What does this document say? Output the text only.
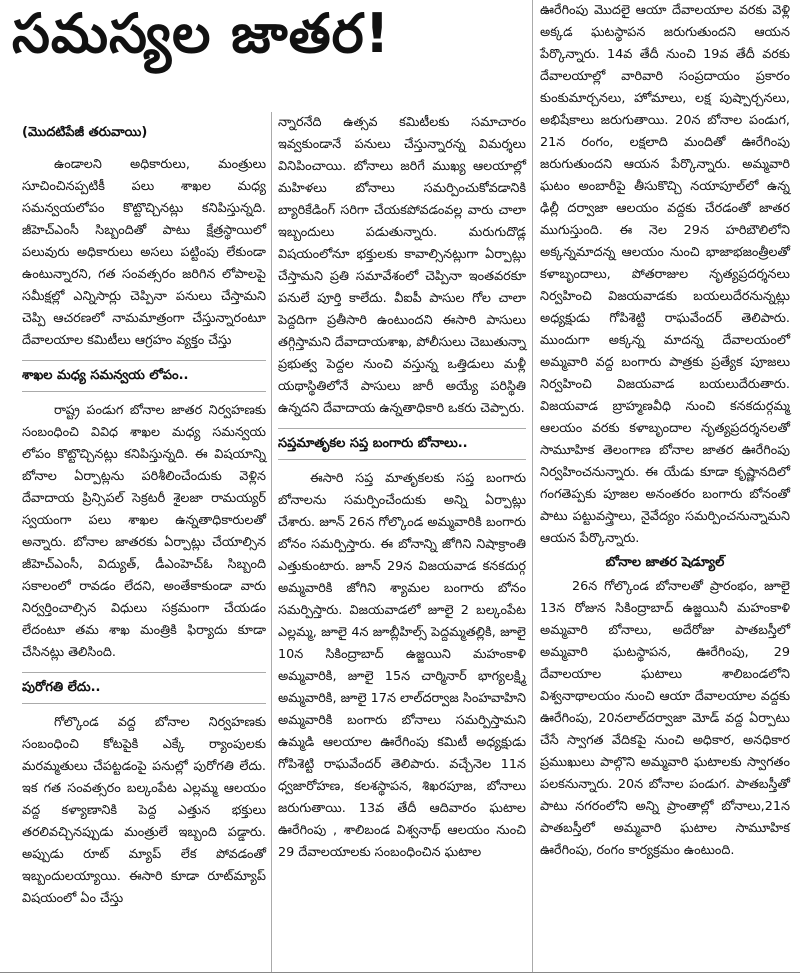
సమస్యల జాతర!
(మొదటిపేజీ తరువాయి)

ఉండాలని అధికారులు, మంత్రులు సూచించినప్పటికీ పలు శాఖల మధ్య సమన్వయలోపం కొట్టొచ్చినట్లు కనిపిస్తున్నది. జీహెచ్ఎంసీ సిబ్బందితో పాటు క్షేత్రస్థాయిలో పలువురు అధికారులు అసలు పట్టింపు లేకుండా ఉంటున్నారని, గత సంవత్సరం జరిగిన లోపాలపై సమీక్షల్లో ఎన్నిసార్లు చెప్పినా పనులు చేస్తామని చెప్పి ఆచరణలో నామమాత్రంగా చేస్తున్నారంటూ దేవాలయాల కమిటీలు ఆగ్రహం వ్యక్తం చేస్తు

శాఖల మధ్య సమన్వయ లోపం..

రాష్ట్ర పండుగ బోనాల జాతర నిర్వహణకు సంబంధించి వివిధ శాఖల మధ్య సమన్వయ లోపం కొట్టొచ్చినట్లు కనిపిస్తున్నది. ఈ విషయాన్ని బోనాల ఏర్పాట్లను పరిశీలించేందుకు వెళ్లిన దేవాదాయ ప్రిన్సిపల్ సెక్రటరీ శైలజా రామయ్యర్ స్వయంగా పలు శాఖల ఉన్నతాధికారులతో అన్నారు. బోనాల జాతరకు ఏర్పాట్లు చేయాల్సిన జీహెచ్ఎంసీ, విద్యుత్, డీఎంహెచ్ఓ సిబ్బంది సకాలంలో రావడం లేదని, అంతేకాకుండా వారు నిర్వర్తించాల్సిన విధులు సక్రమంగా చేయడం లేదంటూ తమ శాఖ మంత్రికి ఫిర్యాదు కూడా చేసినట్లు తెలిసింది.

పురోగతి లేదు..

గోల్కొండ వద్ద బోనాల నిర్వహణకు సంబంధించి కోటపైకి ఎక్కే ర్యాంపులకు మరమ్మతులు చేపట్టడంపై పనుల్లో పురోగతి లేదు. ఇక గత సంవత్సరం బల్కంపేట ఎల్లమ్మ ఆలయం వద్ద కళ్యాణానికి పెద్ద ఎత్తున భక్తులు తరలివచ్చినప్పుడు మంత్రులే ఇబ్బంది పడ్డారు. అప్పుడు రూట్ మ్యాప్ లేక పోవడంతో ఇబ్బందులయ్యాయి. ఈసారి కూడా రూట్‌మ్యాప్ విషయంలో ఏం చేస్తు

న్నారనేది ఉత్సవ కమిటీలకు సమాచారం ఇవ్వకుండానే పనులు చేస్తున్నారన్న విమర్శలు వినిపించాయి. బోనాలు జరిగే ముఖ్య ఆలయాల్లో మహిళలు బోనాలు సమర్పించుకోవడానికి బ్యారికేడింగ్ సరిగా చేయకపోవడంవల్ల వారు చాలా ఇబ్బందులు పడుతున్నారు. మరుగుదొడ్ల విషయంలోనూ భక్తులకు కావాల్సినట్లుగా ఏర్పాట్లు చేస్తామని ప్రతి సమావేశంలో చెప్పినా ఇంతవరకూ పనులే పూర్తి కాలేదు. వీఐపీ పాసుల గోల చాలా పెద్దదిగా ప్రతీసారి ఉంటుందని ఈసారి పాసులు తగ్గిస్తామని దేవాదాయశాఖ, పోలీసులు చెబుతున్నా ప్రభుత్వ పెద్దల నుంచి వస్తున్న ఒత్తిడులు మళ్లీ యథాస్థితిలోనే పాసులు జారీ అయ్యే పరిస్థితి ఉన్నదని దేవాదాయ ఉన్నతాధికారి ఒకరు చెప్పారు.

సప్తమాతృకల సప్త బంగారు బోనాలు..

ఈసారి సప్త మాతృకలకు సప్త బంగారు బోనాలను సమర్పించేందుకు అన్ని ఏర్పాట్లు చేశారు. జూన్ 26న గోల్కొండ అమ్మవారికి బంగారు బోనం సమర్పిస్తారు. ఈ బోనాన్ని జోగిని నిషాక్రాంతి ఎత్తుకుంటారు. జూన్ 29న విజయవాడ కనకదుర్గ అమ్మవారికి జోగిని శ్యామల బంగారు బోనం సమర్పిస్తారు. విజయవాడలో జూలై 2 బల్కంపేట ఎల్లమ్మ, జూలై 4న జూబ్లీహిల్స్ పెద్దమ్మతల్లికి, జూలై 10న సికింద్రాబాద్ ఉజ్జయిని మహంకాళి అమ్మవారికి, జూలై 15న చార్మినార్ భాగ్యలక్ష్మి అమ్మవారికి, జూలై 17న లాల్‌దర్వాజ సింహవాహిని అమ్మవారికి బంగారు బోనాలు సమర్పిస్తామని ఉమ్మడి ఆలయాల ఊరేగింపు కమిటీ అధ్యక్షుడు గోపిశెట్టి రాఘవేందర్ తెలిపారు. వచ్చేనెల 11న ధ్వజారోహణ, కలశస్థాపన, శిఖరపూజ, బోనాలు జరుగుతాయి. 13వ తేదీ ఆదివారం ఘటాల ఊరేగింపు , శాలిబండ విశ్వనాథ్ ఆలయం నుంచి 29 దేవాలయాలకు సంబంధించిన ఘటాల

ఊరేగింపు మొదలై ఆయా దేవాలయాల వరకు వెళ్లి అక్కడ ఘటస్థాపన జరుగుతుందని ఆయన పేర్కొన్నారు. 14వ తేదీ నుంచి 19వ తేదీ వరకు దేవాలయాల్లో వారివారి సంప్రదాయం ప్రకారం కుంకుమార్చనలు, హోమాలు, లక్ష పుష్పార్చనలు, అభిషేకాలు జరుగుతాయి. 20న బోనాల పండుగ, 21న రంగం, లక్షలాది మందితో ఊరేగింపు జరుగుతుందని ఆయన పేర్కొన్నారు. అమ్మవారి ఘటం అంబారీపై తీసుకొచ్చి నయాపూల్‌లో ఉన్న ఢిల్లీ దర్వాజా ఆలయం వద్దకు చేరడంతో జాతర ముగుస్తుంది. ఈ నెల 29న హరిబౌలిలోని అక్కన్నమాదన్న ఆలయం నుంచి భాజాభజంత్రీలతో కళాబృందాలు, పోతరాజుల నృత్యప్రదర్శనలు నిర్వహించి విజయవాడకు బయలుదేరనున్నట్లు అధ్యక్షుడు గోపిశెట్టి రాఘవేందర్ తెలిపారు. ముందుగా అక్కన్న మాదన్న దేవాలయంలో అమ్మవారి వద్ద బంగారు పాత్రకు ప్రత్యేక పూజలు నిర్వహించి విజయవాడ బయలుదేరుతారు. విజయవాడ బ్రాహ్మణవీధి నుంచి కనకదుర్గమ్మ ఆలయం వరకు కళాబృందాల నృత్యప్రదర్శనలతో సామూహిక తెలంగాణ బోనాల జాతర ఊరేగింపు నిర్వహించనున్నారు. ఈ యేడు కూడా కృష్ణానదిలో గంగతెప్పకు పూజల అనంతరం బంగారు బోనంతో పాటు పట్టువస్త్రాలు, నైవేద్యం సమర్పించనున్నామని ఆయన పేర్కొన్నారు.

బోనాల జాతర షెడ్యూల్

26న గోల్కొండ బోనాలతో ప్రారంభం, జూలై 13న రోజున సికింద్రాబాద్ ఉజ్జయినీ మహంకాళి అమ్మవారి బోనాలు, అదేరోజు పాతబస్తీలో అమ్మవారి ఘటస్థాపన, ఊరేగింపు, 29 దేవాలయాల ఘటాలు శాలిబండలోని విశ్వనాథాలయం నుంచి ఆయా దేవాలయాల వద్దకు ఊరేగింపు, 20నలాల్‌దర్వాజా మోడ్ వద్ద ఏర్పాటు చేసే స్వాగత వేదికపై నుంచి అధికార, అనధికార ప్రముఖులు పాల్గొని అమ్మవారి ఘటాలకు స్వాగతం పలకనున్నారు. 20న బోనాల పండుగ. పాతబస్తీతో పాటు నగరంలోని అన్ని ప్రాంతాల్లో బోనాలు,21న పాతబస్తీలో అమ్మవారి ఘటాల సామూహిక ఊరేగింపు, రంగం కార్యక్రమం ఉంటుంది.
